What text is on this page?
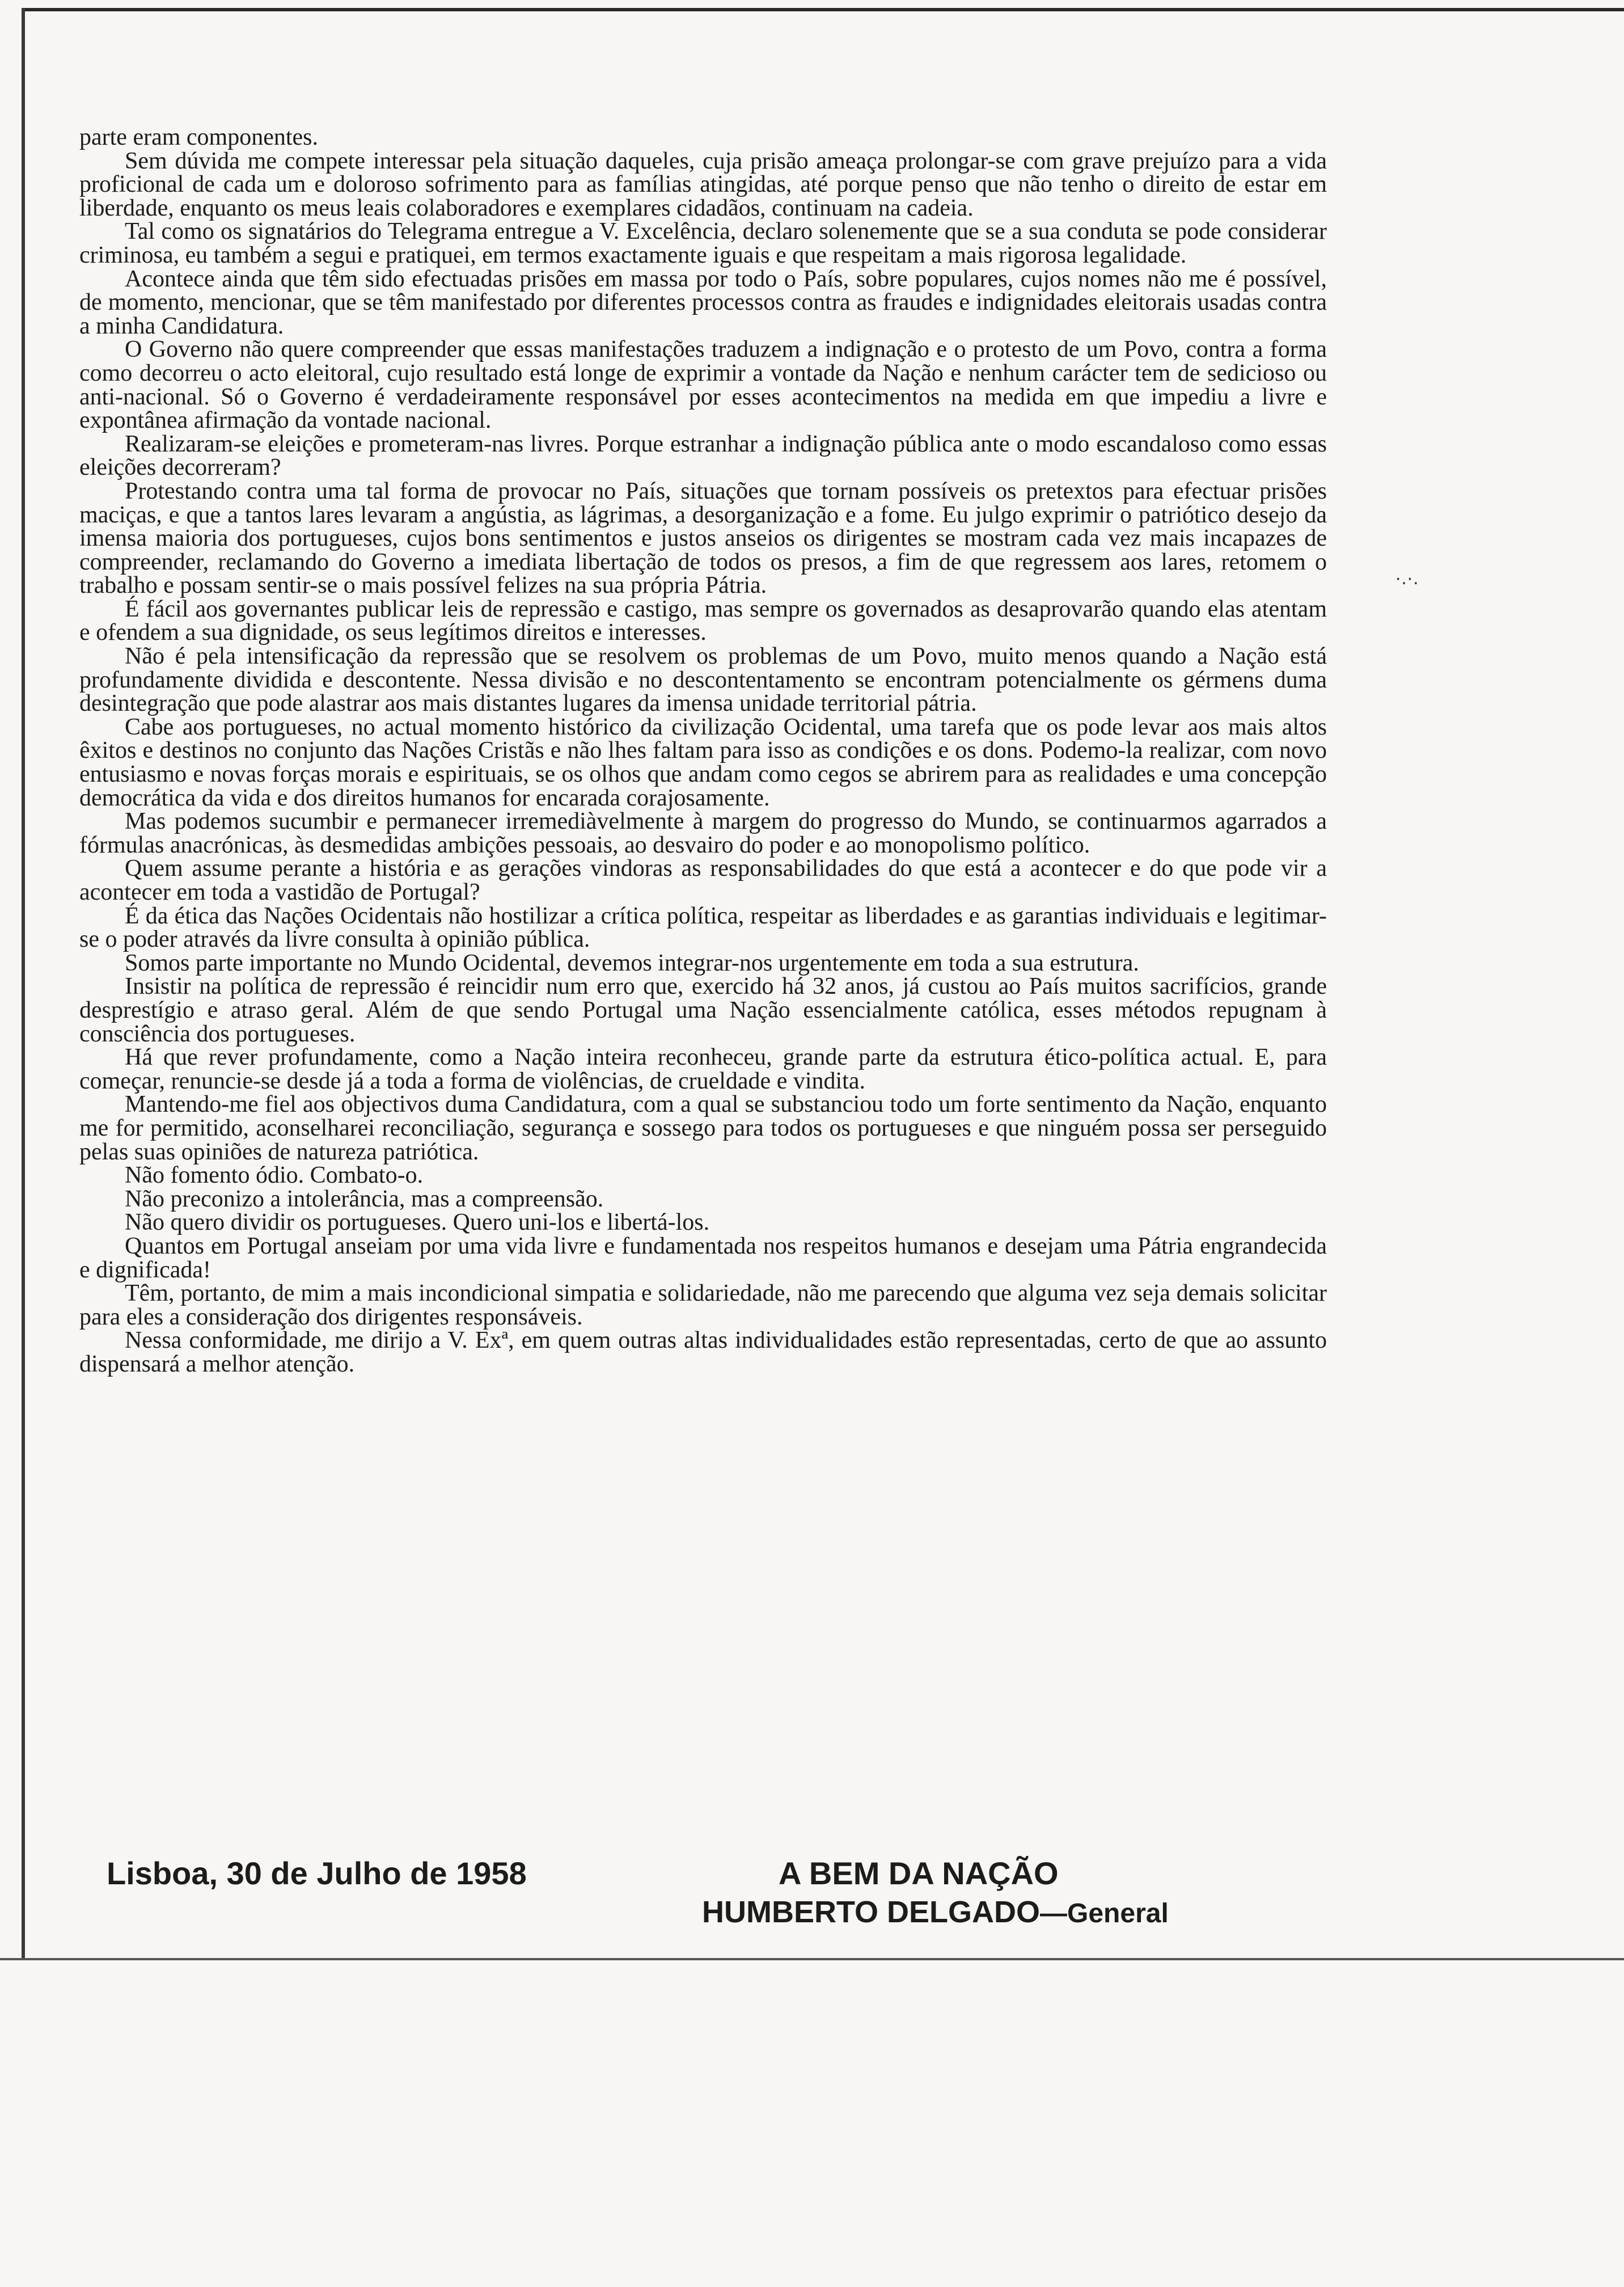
·.·.

parte eram componentes.

Sem dúvida me compete interessar pela situação daqueles, cuja prisão ameaça prolongar-se com grave prejuízo para a vida proficional de cada um e doloroso sofrimento para as famílias atingidas, até porque penso que não tenho o direito de estar em liberdade, enquanto os meus leais colaboradores e exemplares cidadãos, continuam na cadeia.

Tal como os signatários do Telegrama entregue a V. Excelência, declaro solenemente que se a sua conduta se pode considerar criminosa, eu também a segui e pratiquei, em termos exactamente iguais e que respeitam a mais rigorosa legalidade.

Acontece ainda que têm sido efectuadas prisões em massa por todo o País, sobre populares, cujos nomes não me é possível, de momento, mencionar, que se têm manifestado por diferentes processos contra as fraudes e indignidades eleitorais usadas contra a minha Candidatura.

O Governo não quere compreender que essas manifestações traduzem a indignação e o protesto de um Povo, contra a forma como decorreu o acto eleitoral, cujo resultado está longe de exprimir a vontade da Nação e nenhum carácter tem de sedicioso ou anti-nacional. Só o Governo é verdadeiramente responsável por esses acontecimentos na medida em que impediu a livre e expontânea afirmação da vontade nacional.

Realizaram-se eleições e prometeram-nas livres. Porque estranhar a indignação pública ante o modo escandaloso como essas eleições decorreram?

Protestando contra uma tal forma de provocar no País, situações que tornam possíveis os pretextos para efectuar prisões maciças, e que a tantos lares levaram a angústia, as lágrimas, a desorganização e a fome. Eu julgo exprimir o patriótico desejo da imensa maioria dos portugueses, cujos bons sentimentos e justos anseios os dirigentes se mostram cada vez mais incapazes de compreender, reclamando do Governo a imediata libertação de todos os presos, a fim de que regressem aos lares, retomem o trabalho e possam sentir-se o mais possível felizes na sua própria Pátria.

É fácil aos governantes publicar leis de repressão e castigo, mas sempre os governados as desaprovarão quando elas atentam e ofendem a sua dignidade, os seus legítimos direitos e interesses.

Não é pela intensificação da repressão que se resolvem os problemas de um Povo, muito menos quando a Nação está profundamente dividida e descontente. Nessa divisão e no descontentamento se encontram potencialmente os gérmens duma desintegração que pode alastrar aos mais distantes lugares da imensa unidade territorial pátria.

Cabe aos portugueses, no actual momento histórico da civilização Ocidental, uma tarefa que os pode levar aos mais altos êxitos e destinos no conjunto das Nações Cristãs e não lhes faltam para isso as condições e os dons. Podemo-la realizar, com novo entusiasmo e novas forças morais e espirituais, se os olhos que andam como cegos se abrirem para as realidades e uma concepção democrática da vida e dos direitos humanos for encarada corajosamente.

Mas podemos sucumbir e permanecer irremediàvelmente à margem do progresso do Mundo, se continuarmos agarrados a fórmulas anacrónicas, às desmedidas ambições pessoais, ao desvairo do poder e ao monopolismo político.

Quem assume perante a história e as gerações vindoras as responsabilidades do que está a acontecer e do que pode vir a acontecer em toda a vastidão de Portugal?

É da ética das Nações Ocidentais não hostilizar a crítica política, respeitar as liberdades e as garantias individuais e legitimar-se o poder através da livre consulta à opinião pública.

Somos parte importante no Mundo Ocidental, devemos integrar-nos urgentemente em toda a sua estrutura.

Insistir na política de repressão é reincidir num erro que, exercido há 32 anos, já custou ao País muitos sacrifícios, grande desprestígio e atraso geral. Além de que sendo Portugal uma Nação essencialmente católica, esses métodos repugnam à consciência dos portugueses.

Há que rever profundamente, como a Nação inteira reconheceu, grande parte da estrutura ético-política actual. E, para começar, renuncie-se desde já a toda a forma de violências, de crueldade e vindita.

Mantendo-me fiel aos objectivos duma Candidatura, com a qual se substanciou todo um forte sentimento da Nação, enquanto me for permitido, aconselharei reconciliação, segurança e sossego para todos os portugueses e que ninguém possa ser perseguido pelas suas opiniões de natureza patriótica.

Não fomento ódio. Combato-o.

Não preconizo a intolerância, mas a compreensão.

Não quero dividir os portugueses. Quero uni-los e libertá-los.

Quantos em Portugal anseiam por uma vida livre e fundamentada nos respeitos humanos e desejam uma Pátria engrandecida e dignificada!

Têm, portanto, de mim a mais incondicional simpatia e solidariedade, não me parecendo que alguma vez seja demais solicitar para eles a consideração dos dirigentes responsáveis.

Nessa conformidade, me dirijo a V. Exª, em quem outras altas individualidades estão representadas, certo de que ao assunto dispensará a melhor atenção.

Lisboa, 30 de Julho de 1958	A BEM DA NAÇÃO
HUMBERTO DELGADO—General
